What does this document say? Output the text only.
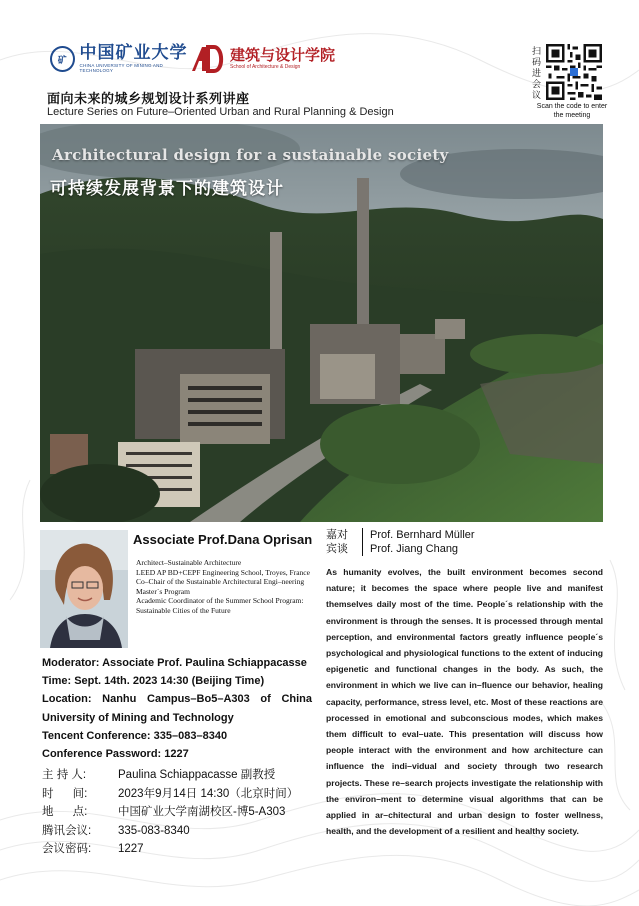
矿 中国矿业大学
CHINA UNIVERSITY OF MINING AND TECHNOLOGY
建筑与设计学院
School of Architecture & Design
面向未来的城乡规划设计系列讲座
Lecture Series on Future–Oriented Urban and Rural Planning & Design
扫码进会议
Scan the code to enter the meeting
Architectural design for a sustainable society
可持续发展背景下的建筑设计
Associate Prof.Dana Oprisan
Architect–Sustainable Architecture
LEED AP BD+CEPF Engineering School, Troyes, France
Co–Chair of the Sustainable Architectural Engi–neering Master´s Program
Academic Coordinator of the Summer School Program: Sustainable Cities of the Future
嘉对
宾谈
Prof. Bernhard Müller
Prof. Jiang Chang
As humanity evolves, the built environment becomes second nature; it becomes the space where people live and manifest themselves daily most of the time. People´s relationship with the environment is through the senses. It is processed through mental perception, and environmental factors greatly influence people´s psychological and physiological functions to the extent of inducing epigenetic and functional changes in the body. As such, the environment in which we live can in–fluence our behavior, healing capacity, performance, stress level, etc. Most of these reactions are processed in emotional and subconscious modes, which makes them difficult to eval–uate. This presentation will discuss how people interact with the environment and how architecture can influence the indi–vidual and society through two research projects. These re–search projects investigate the relationship with the environ–ment to determine visual algorithms that can be applied in ar–chitectural and urban design to foster wellness, health, and the development of a resilient and healthy society.
Moderator: Associate Prof. Paulina Schiappacasse
Time: Sept. 14th. 2023 14:30 (Beijing Time)
Location: Nanhu Campus–Bo5–A303 of China University of Mining and Technology
Tencent Conference: 335–083–8340
Conference Password: 1227
主 持 人:	Paulina Schiappacasse 副教授
时      间:	2023年9月14日 14:30（北京时间）
地      点:	中国矿业大学南湖校区-博5-A303
腾讯会议:	335-083-8340
会议密码:	1227
